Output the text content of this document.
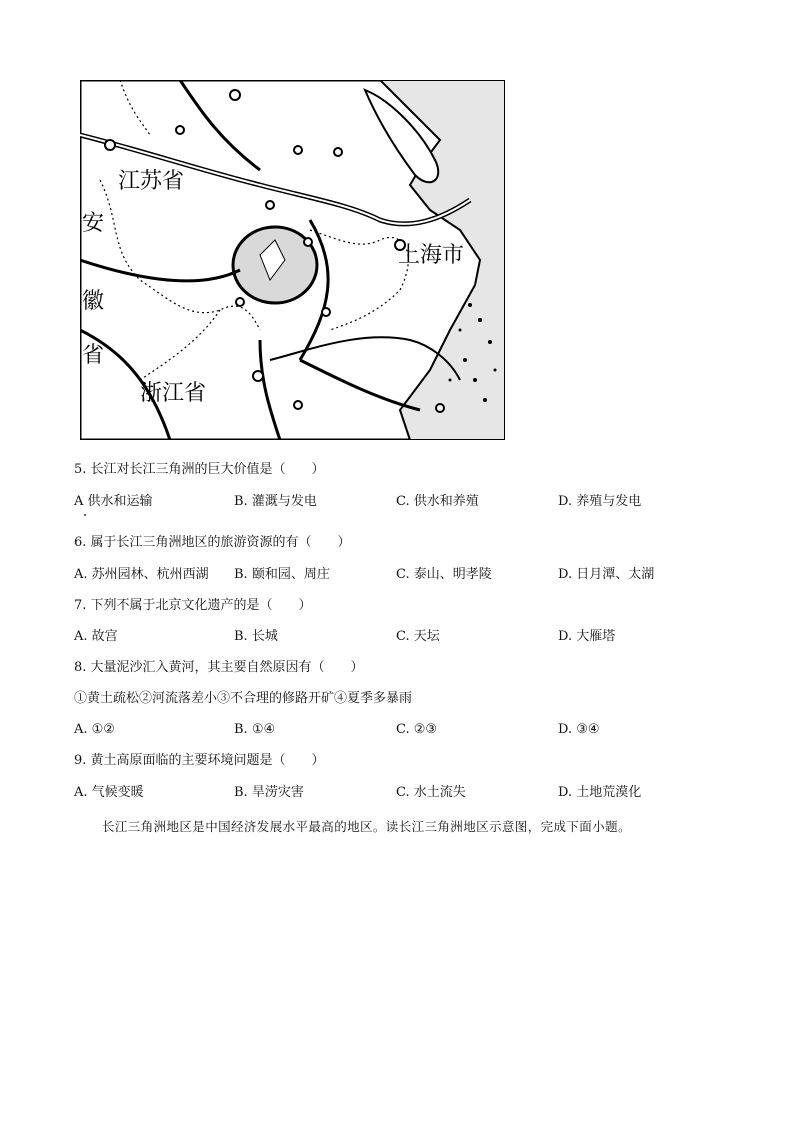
江苏省
上海市
浙江省
安
徽
省
5. 长江对长江三角洲的巨大价值是（　　）
A 供水和运输	B. 灌溉与发电	C. 供水和养殖	D. 养殖与发电
6. 属于长江三角洲地区的旅游资源的有（　　）
A. 苏州园林、杭州西湖 B. 颐和园、周庄	C. 泰山、明孝陵	D. 日月潭、太湖
7. 下列不属于北京文化遗产的是（　　）
A. 故宫	B. 长城	C. 天坛	D. 大雁塔
8. 大量泥沙汇入黄河，其主要自然原因有（　　）
①黄土疏松②河流落差小③不合理的修路开矿④夏季多暴雨
A. ①②	B. ①④	C. ②③	D. ③④
9. 黄土高原面临的主要环境问题是（　　）
A. 气候变暖	B. 旱涝灾害	C. 水土流失	D. 土地荒漠化
长江三角洲地区是中国经济发展水平最高的地区。读长江三角洲地区示意图，完成下面小题。
